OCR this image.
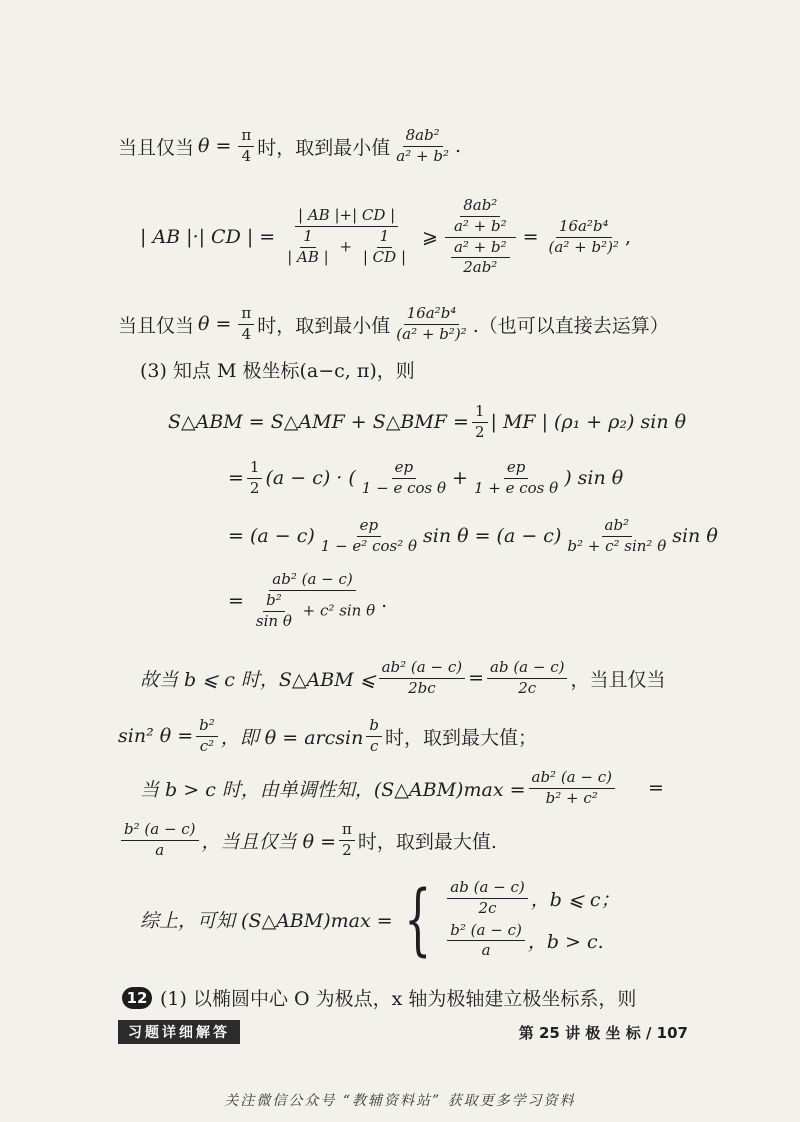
当且仅当 $\theta = \frac{\pi}{4}$ 时，取到最小值 $\frac{\text{8ab²}}{\text{a² + b²}}$ .
| AB |·| CD | =
| AB |+| CD |
$\frac{1}{| AB |} + \frac{1}{| CD |}$ ⩾ $\frac{\frac{\text{8ab²}}{\text{a² + b²}}}{\frac{\text{a² + b²}}{\text{2ab²}}} = \frac{\text{16a²b⁴}}{\text{(a² + b²)²}}$ ,
当且仅当 $\theta = \frac{\pi}{4}$ 时，取到最小值 $\frac{\text{16a²b⁴}}{\text{(a² + b²)²}}$ .（也可以直接去运算）
(3) 知点 M 极坐标(a−c, π)，则
S△ABM = S△AMF + S△BMF = $\frac{1}{2}$ | MF | (ρ₁ + ρ₂) sin θ
= $\frac{1}{2} (a - c)$ · ( $\frac{ep}{\text{1 − e cos θ}} + \frac{ep}{\text{1 + e cos θ}}$ ) sin θ
= $(a - c) \frac{ep}{\text{1 − e² cos² θ}}$ $\sin \theta = (a - c) \frac{\text{ab²}}{\text{b² + c² sin² θ}}$ sin θ
= $\frac{\text{ab² (a − c)}}{\frac{\text{b²}}{\text{sin θ}} + c^2 \sin \theta}$ .
故当 b ⩽ c 时，S△ABM ⩽ $\frac{\text{ab² (a − c)}}{2bc} = \frac{ab (a - c)}{2c}$ ，当且仅当
sin² $\theta = \frac{\text{b²}}{\text{c²}}$ ，即 $\theta = \arcsin \frac{b}{c}$ 时，取到最大值；
当 b > c 时，由单调性知，(S△ABM)max = $\frac{\text{ab² (a − c)}}{\text{b² + c²}}$ =
$\frac{\text{b² (a − c)}}{a}$ ，当且仅当 $\theta = \frac{\pi}{2}$ 时，取到最大值.
综上，可知 (S△ABM)max = { $\frac{ab (a - c)}{2c}$ ，b ⩽ c；
$\frac{\text{b² (a − c)}}{a}$ ，b > c.
12 (1) 以椭圆中心 O 为极点，x 轴为极轴建立极坐标系，则
习题详细解答	第 25 讲 极 坐 标 / 107
关注微信公众号 “教辅资料站” 获取更多学习资料
